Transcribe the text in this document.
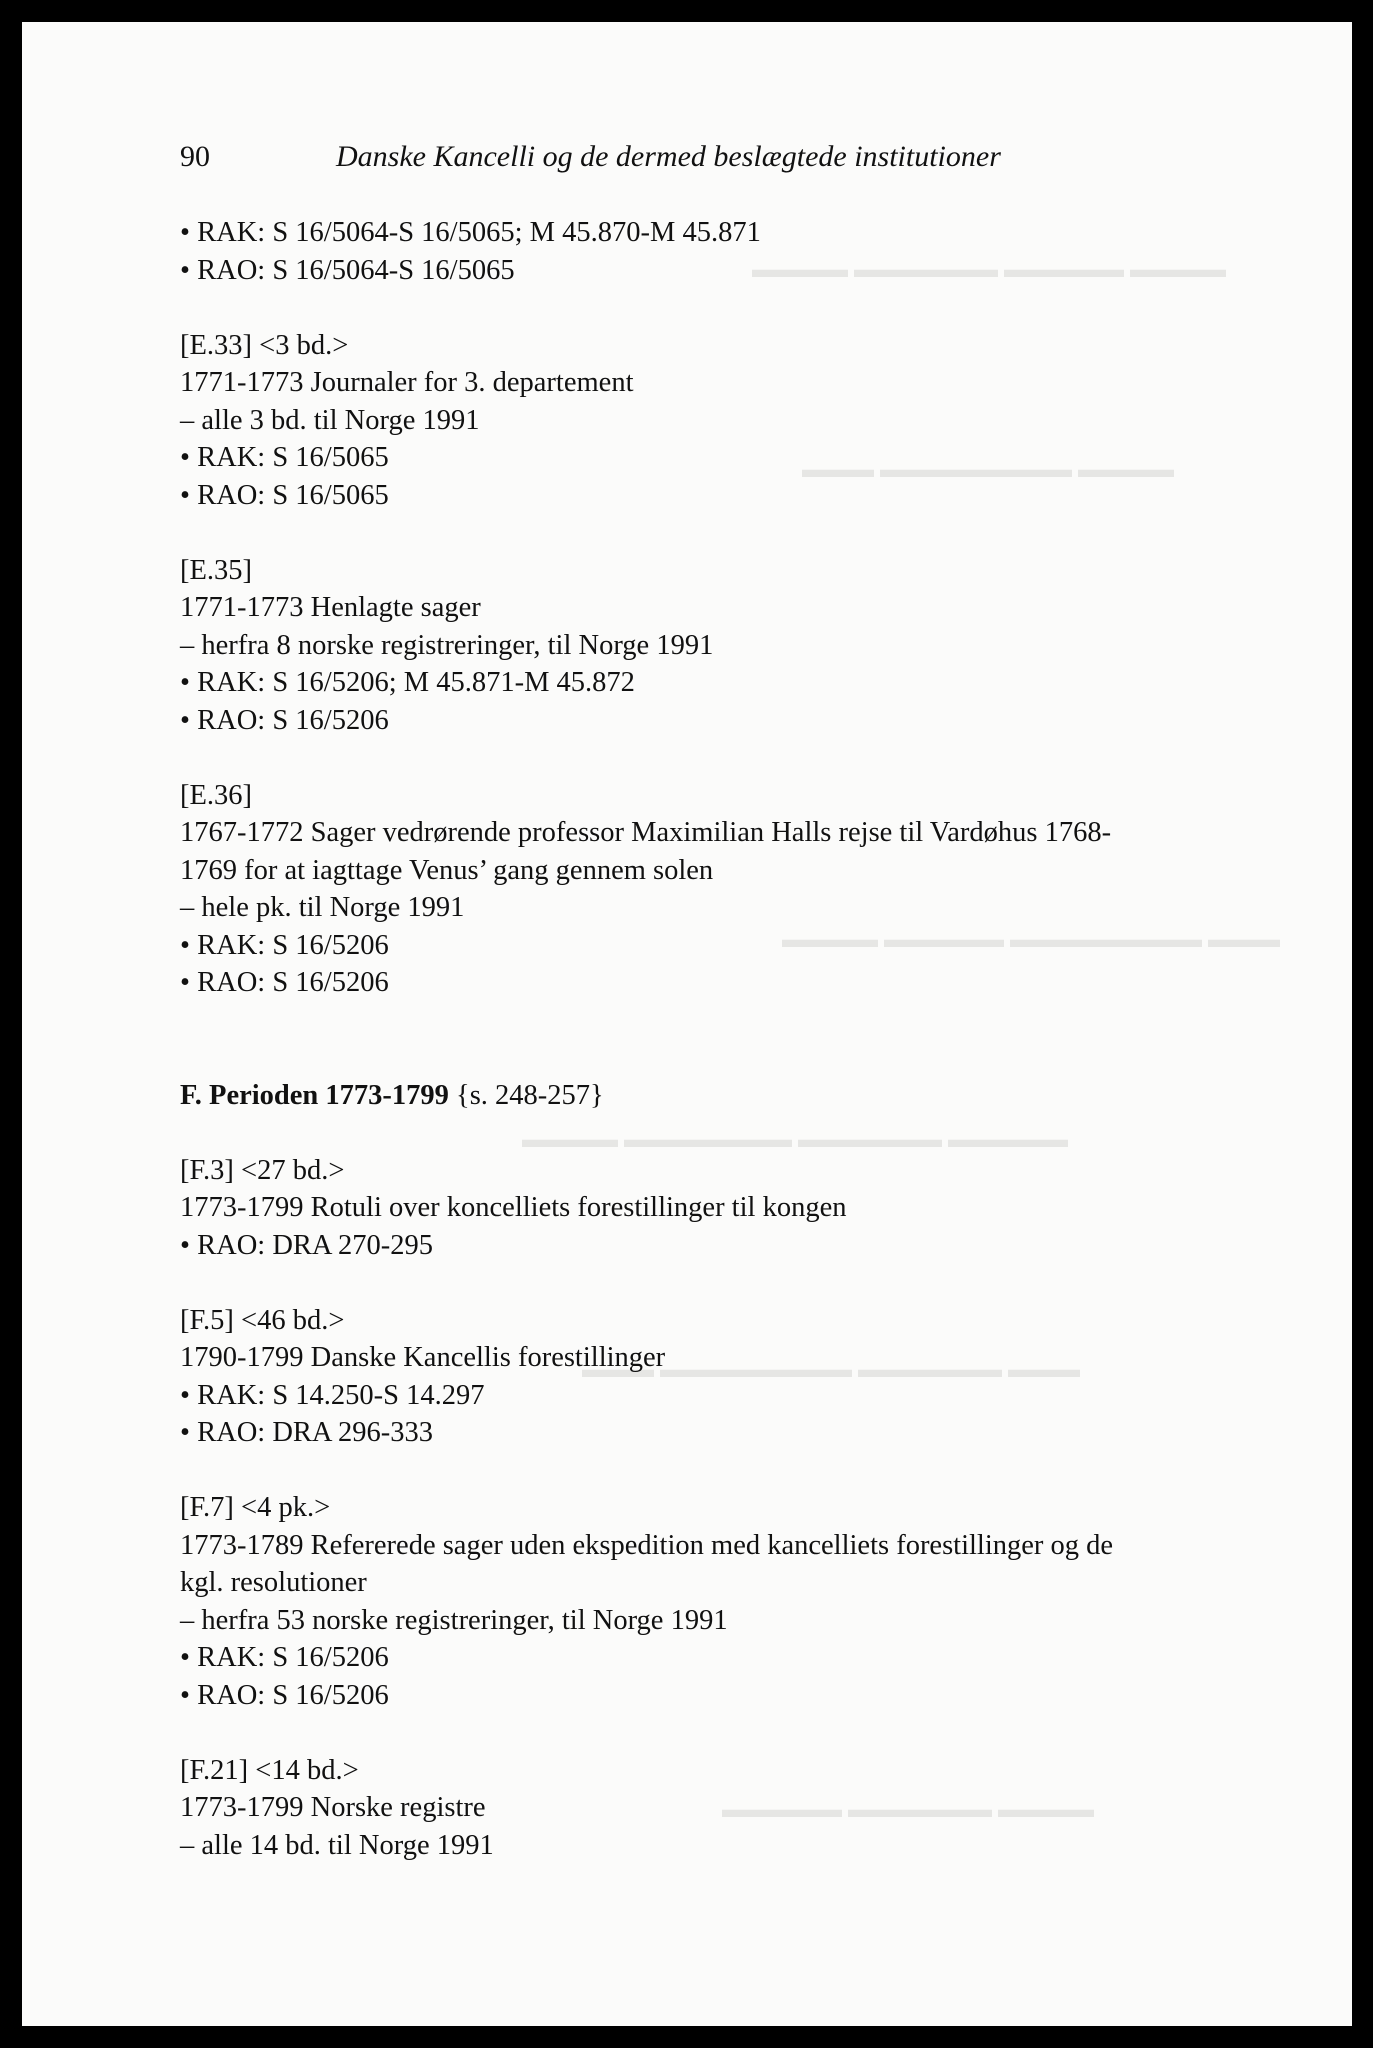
▬▬▬▬ ▬▬▬▬▬▬ ▬▬▬▬▬ ▬▬▬▬
▬▬▬ ▬▬▬▬▬▬▬▬ ▬▬▬▬
▬▬▬▬ ▬▬▬▬▬ ▬▬▬▬▬▬▬▬ ▬▬▬
▬▬▬▬ ▬▬▬▬▬▬▬ ▬▬▬▬▬▬ ▬▬▬▬▬
▬▬▬ ▬▬▬▬▬▬▬▬ ▬▬▬▬▬▬ ▬▬▬
▬▬▬▬▬ ▬▬▬▬▬▬ ▬▬▬▬
90	Danske Kancelli og de dermed beslægtede institutioner
• RAK: S 16/5064-S 16/5065; M 45.870-M 45.871
• RAO: S 16/5064-S 16/5065
[E.33] <3 bd.>
1771-1773 Journaler for 3. departement
– alle 3 bd. til Norge 1991
• RAK: S 16/5065
• RAO: S 16/5065
[E.35]
1771-1773 Henlagte sager
– herfra 8 norske registreringer, til Norge 1991
• RAK: S 16/5206; M 45.871-M 45.872
• RAO: S 16/5206
[E.36]
1767-1772 Sager vedrørende professor Maximilian Halls rejse til Vardøhus 1768-
1769 for at iagttage Venus’ gang gennem solen
– hele pk. til Norge 1991
• RAK: S 16/5206
• RAO: S 16/5206
F. Perioden 1773-1799 {s. 248-257}
[F.3] <27 bd.>
1773-1799 Rotuli over koncelliets forestillinger til kongen
• RAO: DRA 270-295
[F.5] <46 bd.>
1790-1799 Danske Kancellis forestillinger
• RAK: S 14.250-S 14.297
• RAO: DRA 296-333
[F.7] <4 pk.>
1773-1789 Refererede sager uden ekspedition med kancelliets forestillinger og de
kgl. resolutioner
– herfra 53 norske registreringer, til Norge 1991
• RAK: S 16/5206
• RAO: S 16/5206
[F.21] <14 bd.>
1773-1799 Norske registre
– alle 14 bd. til Norge 1991
